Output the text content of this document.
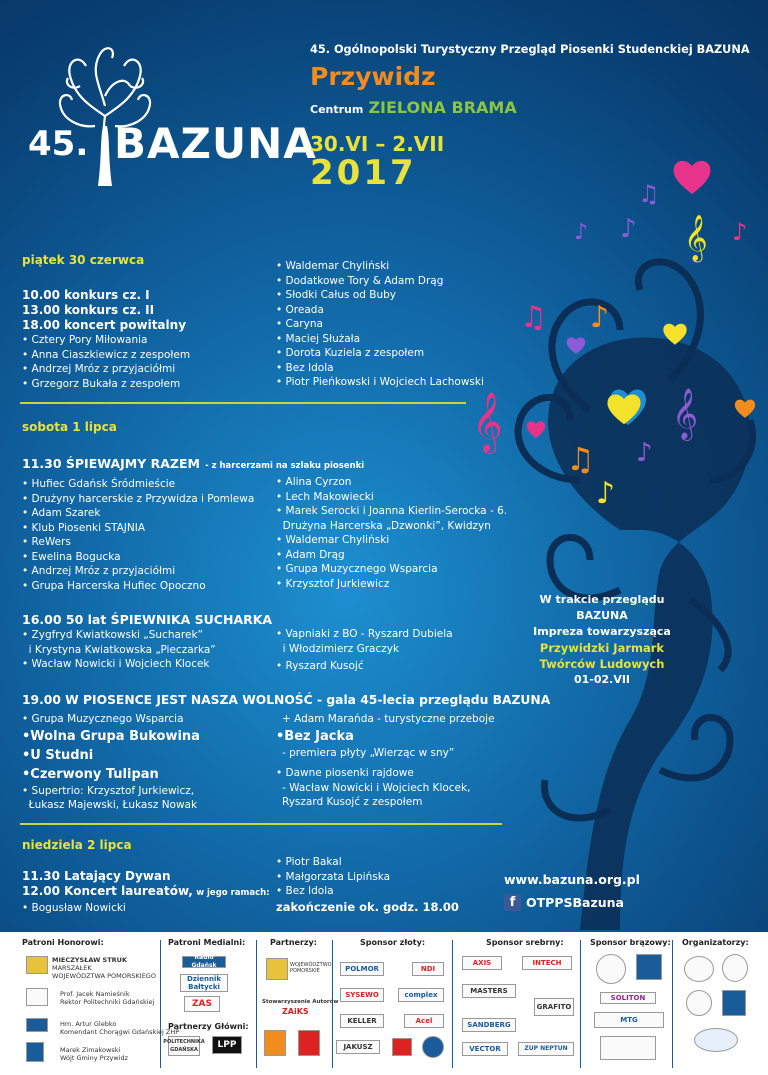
𝄞
𝄞	𝄞
♫ ♪
♫
♪
♪
♪
♫
♪
♪
45. BAZUNA
45. Ogólnopolski Turystyczny Przegląd Piosenki Studenckiej BAZUNA
Przywidz
Centrum ZIELONA BRAMA
30.VI – 2.VII
2017
piątek 30 czerwca
10.00 konkurs cz. I
13.00 konkurs cz. II
18.00 koncert powitalny
• Cztery Pory Miłowania
• Anna Ciaszkiewicz z zespołem
• Andrzej Mróz z przyjaciółmi
• Grzegorz Bukała z zespołem
• Waldemar Chyliński
• Dodatkowe Tory & Adam Drąg
• Słodki Całus od Buby
• Oreada
• Caryna
• Maciej Służała
• Dorota Kuziela z zespołem
• Bez Idola
• Piotr Pieńkowski i Wojciech Lachowski
sobota 1 lipca
11.30 ŚPIEWAJMY RAZEM - z harcerzami na szlaku piosenki
• Hufiec Gdańsk Śródmieście
• Drużyny harcerskie z Przywidza i Pomlewa
• Adam Szarek
• Klub Piosenki STAJNIA
• ReWers
• Ewelina Bogucka
• Andrzej Mróz z przyjaciółmi
• Grupa Harcerska Hufiec Opoczno
• Alina Cyrzon
• Lech Makowiecki
• Marek Serocki i Joanna Kierlin-Serocka - 6.
Drużyna Harcerska „Dzwonki”, Kwidzyn
• Waldemar Chyliński
• Adam Drąg
• Grupa Muzycznego Wsparcia
• Krzysztof Jurkiewicz
16.00 50 lat ŚPIEWNIKA SUCHARKA
• Zygfryd Kwiatkowski „Sucharek”
i Krystyna Kwiatkowska „Pieczarka”
• Wacław Nowicki i Wojciech Klocek
• Vapniaki z BO - Ryszard Dubiela
i Włodzimierz Graczyk
• Ryszard Kusojć
19.00 W PIOSENCE JEST NASZA WOLNOŚĆ - gala 45-lecia przeglądu BAZUNA
• Grupa Muzycznego Wsparcia
•Wolna Grupa Bukowina
•U Studni
•Czerwony Tulipan
• Supertrio: Krzysztof Jurkiewicz,
Łukasz Majewski, Łukasz Nowak
+ Adam Marańda - turystyczne przeboje
•Bez Jacka
- premiera płyty „Wierząc w sny”
• Dawne piosenki rajdowe
- Wacław Nowicki i Wojciech Klocek,
Ryszard Kusojć z zespołem
niedziela 2 lipca
11.30 Latający Dywan
12.00 Koncert laureatów, w jego ramach:
• Bogusław Nowicki
• Piotr Bakal
• Małgorzata Lipińska
• Bez Idola
zakończenie ok. godz. 18.00
W trakcie przeglądu BAZUNA
Impreza towarzysząca
Przywidzki Jarmark
Twórców Ludowych
01-02.VII
www.bazuna.org.pl
f OTPPSBazuna
Patroni Honorowi:	Patroni Medialni:	Partnerzy:	Sponsor złoty:	Sponsor srebrny:	Sponsor brązowy: Organizatorzy:
MIECZYSŁAW STRUK
MARSZAŁEK
WOJEWÓDZTWA POMORSKIEGO
Prof. Jacek Namieśnik
Rektor Politechniki Gdańskiej
Hm. Artur Glebko
Komendant Chorągwi Gdańskiej ZHP
Marek Zimakowski
Wójt Gminy Przywidz
Radio Gdańsk
Dziennik Bałtycki
ZAS
Partnerzy Główni:
POLITECHNIKA GDAŃSKA	LPP
WOJEWÓDZTWO POMORSKIE
Stowarzyszenie Autorów
ZAiKS
POLMOR	NDI
SYSEWO	complex
KELLER	Acel
JAKUSZ
AXIS	INTECH
MASTERS
GRAFITO
SANDBERG
VECTOR	ZUP NEPTUN
SOLITON
MTG
